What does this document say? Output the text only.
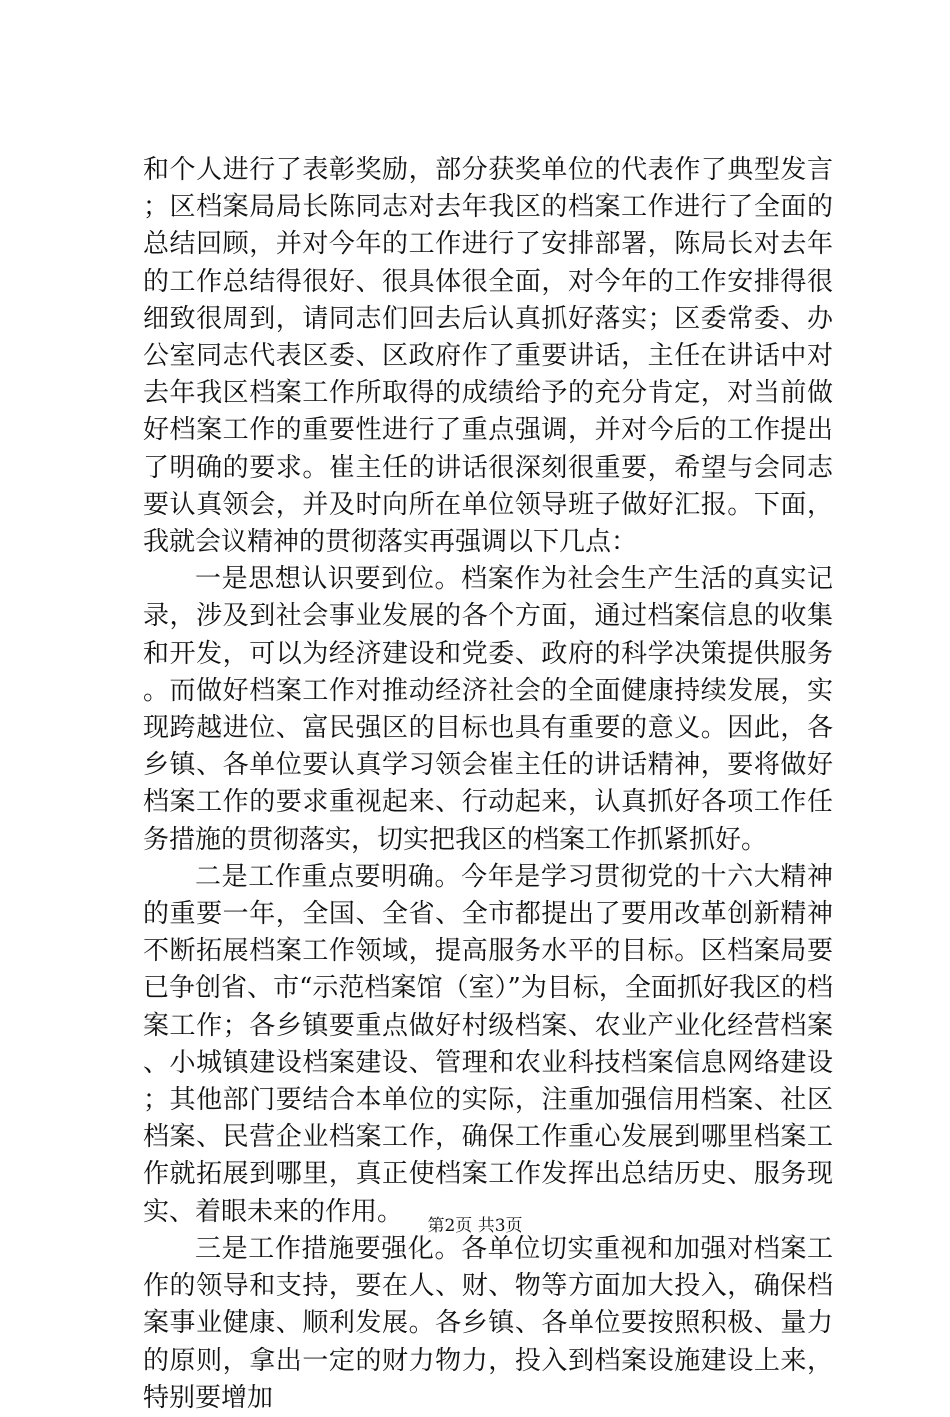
和个人进行了表彰奖励，部分获奖单位的代表作了典型发言；区档案局局长陈同志对去年我区的档案工作进行了全面的总结回顾，并对今年的工作进行了安排部署，陈局长对去年的工作总结得很好、很具体很全面，对今年的工作安排得很细致很周到，请同志们回去后认真抓好落实；区委常委、办公室同志代表区委、区政府作了重要讲话，主任在讲话中对去年我区档案工作所取得的成绩给予的充分肯定，对当前做好档案工作的重要性进行了重点强调，并对今后的工作提出了明确的要求。崔主任的讲话很深刻很重要，希望与会同志要认真领会，并及时向所在单位领导班子做好汇报。下面，我就会议精神的贯彻落实再强调以下几点：

一是思想认识要到位。档案作为社会生产生活的真实记录，涉及到社会事业发展的各个方面，通过档案信息的收集和开发，可以为经济建设和党委、政府的科学决策提供服务。而做好档案工作对推动经济社会的全面健康持续发展，实现跨越进位、富民强区的目标也具有重要的意义。因此，各乡镇、各单位要认真学习领会崔主任的讲话精神，要将做好档案工作的要求重视起来、行动起来，认真抓好各项工作任务措施的贯彻落实，切实把我区的档案工作抓紧抓好。

二是工作重点要明确。今年是学习贯彻党的十六大精神的重要一年，全国、全省、全市都提出了要用改革创新精神不断拓展档案工作领域，提高服务水平的目标。区档案局要已争创省、市“示范档案馆（室）”为目标，全面抓好我区的档案工作；各乡镇要重点做好村级档案、农业产业化经营档案、小城镇建设档案建设、管理和农业科技档案信息网络建设；其他部门要结合本单位的实际，注重加强信用档案、社区档案、民营企业档案工作，确保工作重心发展到哪里档案工作就拓展到哪里，真正使档案工作发挥出总结历史、服务现实、着眼未来的作用。

三是工作措施要强化。各单位切实重视和加强对档案工作的领导和支持，要在人、财、物等方面加大投入，确保档案事业健康、顺利发展。各乡镇、各单位要按照积极、量力的原则，拿出一定的财力物力，投入到档案设施建设上来，特别要增加

第2页 共3页
